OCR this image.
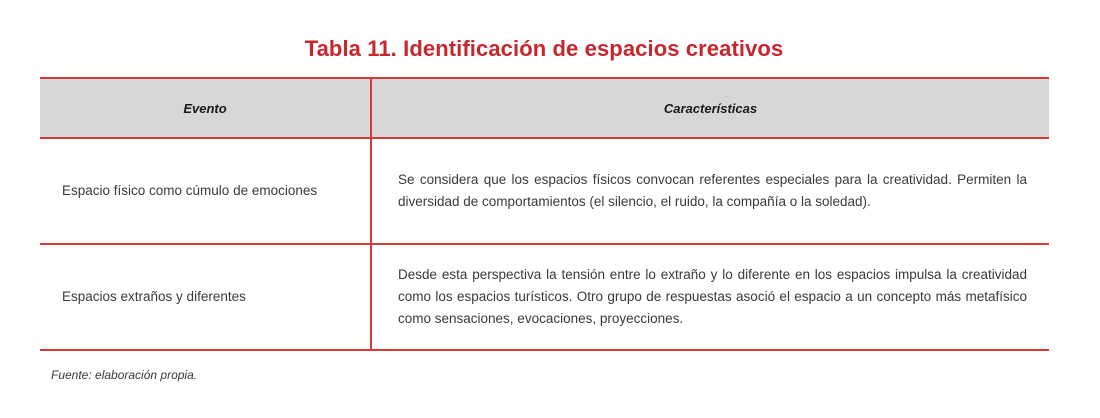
Tabla 11. Identificación de espacios creativos
Evento	Características
Espacio físico como cúmulo de emociones	Se considera que los espacios físicos convocan referentes especiales para la creatividad. Permiten la diversidad de comportamientos (el silencio, el ruido, la compañía o la soledad).
Espacios extraños y diferentes	Desde esta perspectiva la tensión entre lo extraño y lo diferente en los espacios impulsa la creatividad como los espacios turísticos. Otro grupo de respuestas asoció el espacio a un concepto más metafísico como sensaciones, evocaciones, proyecciones.
Fuente: elaboración propia.
